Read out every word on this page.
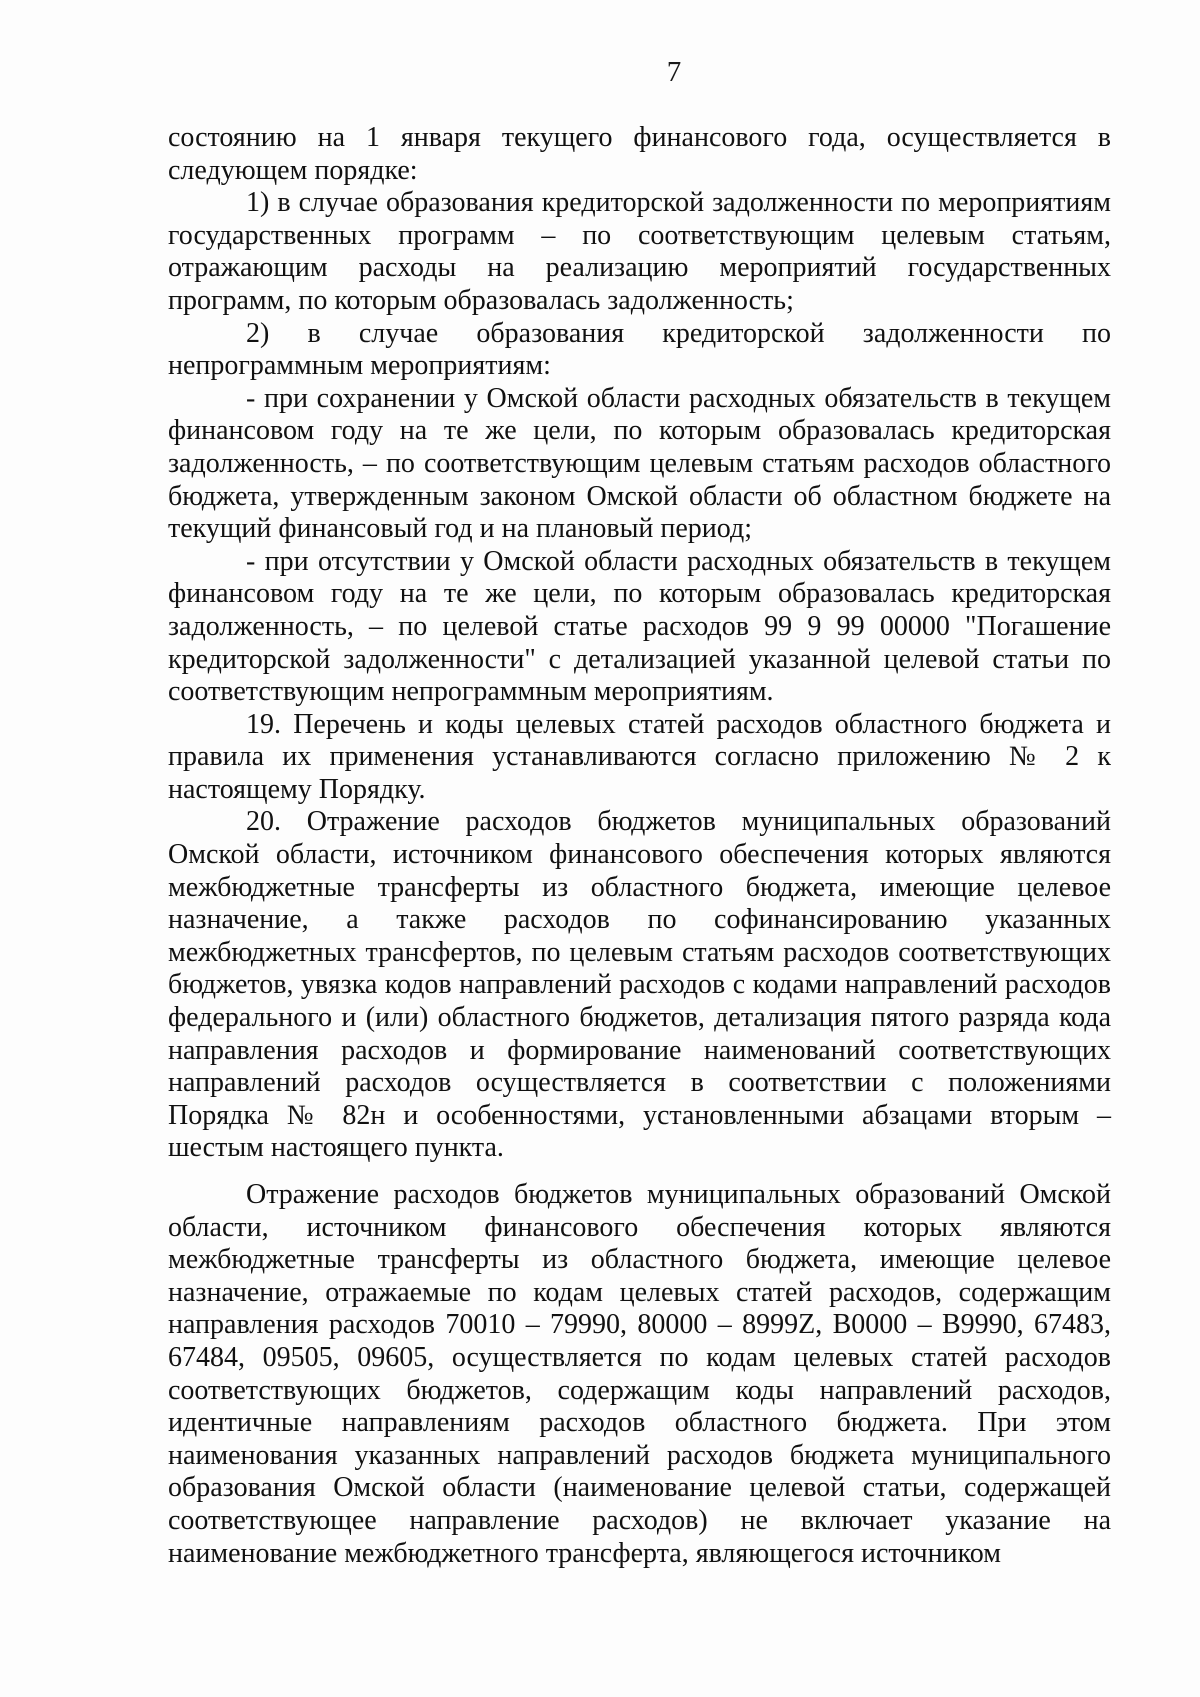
7

состоянию на 1 января текущего финансового года, осуществляется в следующем порядке:

1) в случае образования кредиторской задолженности по мероприятиям государственных программ – по соответствующим целевым статьям, отражающим расходы на реализацию мероприятий государственных программ, по которым образовалась задолженность;

2) в случае образования кредиторской задолженности по непрограммным мероприятиям:

- при сохранении у Омской области расходных обязательств в текущем финансовом году на те же цели, по которым образовалась кредиторская задолженность, – по соответствующим целевым статьям расходов областного бюджета, утвержденным законом Омской области об областном бюджете на текущий финансовый год и на плановый период;

- при отсутствии у Омской области расходных обязательств в текущем финансовом году на те же цели, по которым образовалась кредиторская задолженность, – по целевой статье расходов 99 9 99 00000 "Погашение кредиторской задолженности" с детализацией указанной целевой статьи по соответствующим непрограммным мероприятиям.

19. Перечень и коды целевых статей расходов областного бюджета и правила их применения устанавливаются согласно приложению № 2 к настоящему Порядку.

20. Отражение расходов бюджетов муниципальных образований Омской области, источником финансового обеспечения которых являются межбюджетные трансферты из областного бюджета, имеющие целевое назначение, а также расходов по софинансированию указанных межбюджетных трансфертов, по целевым статьям расходов соответствующих бюджетов, увязка кодов направлений расходов с кодами направлений расходов федерального и (или) областного бюджетов, детализация пятого разряда кода направления расходов и формирование наименований соответствующих направлений расходов осуществляется в соответствии с положениями Порядка № 82н и особенностями, установленными абзацами вторым – шестым настоящего пункта.

Отражение расходов бюджетов муниципальных образований Омской области, источником финансового обеспечения которых являются межбюджетные трансферты из областного бюджета, имеющие целевое назначение, отражаемые по кодам целевых статей расходов, содержащим направления расходов 70010 – 79990, 80000 – 8999Z, B0000 – B9990, 67483, 67484, 09505, 09605, осуществляется по кодам целевых статей расходов соответствующих бюджетов, содержащим коды направлений расходов, идентичные направлениям расходов областного бюджета. При этом наименования указанных направлений расходов бюджета муниципального образования Омской области (наименование целевой статьи, содержащей соответствующее направление расходов) не включает указание на наименование межбюджетного трансферта, являющегося источником
